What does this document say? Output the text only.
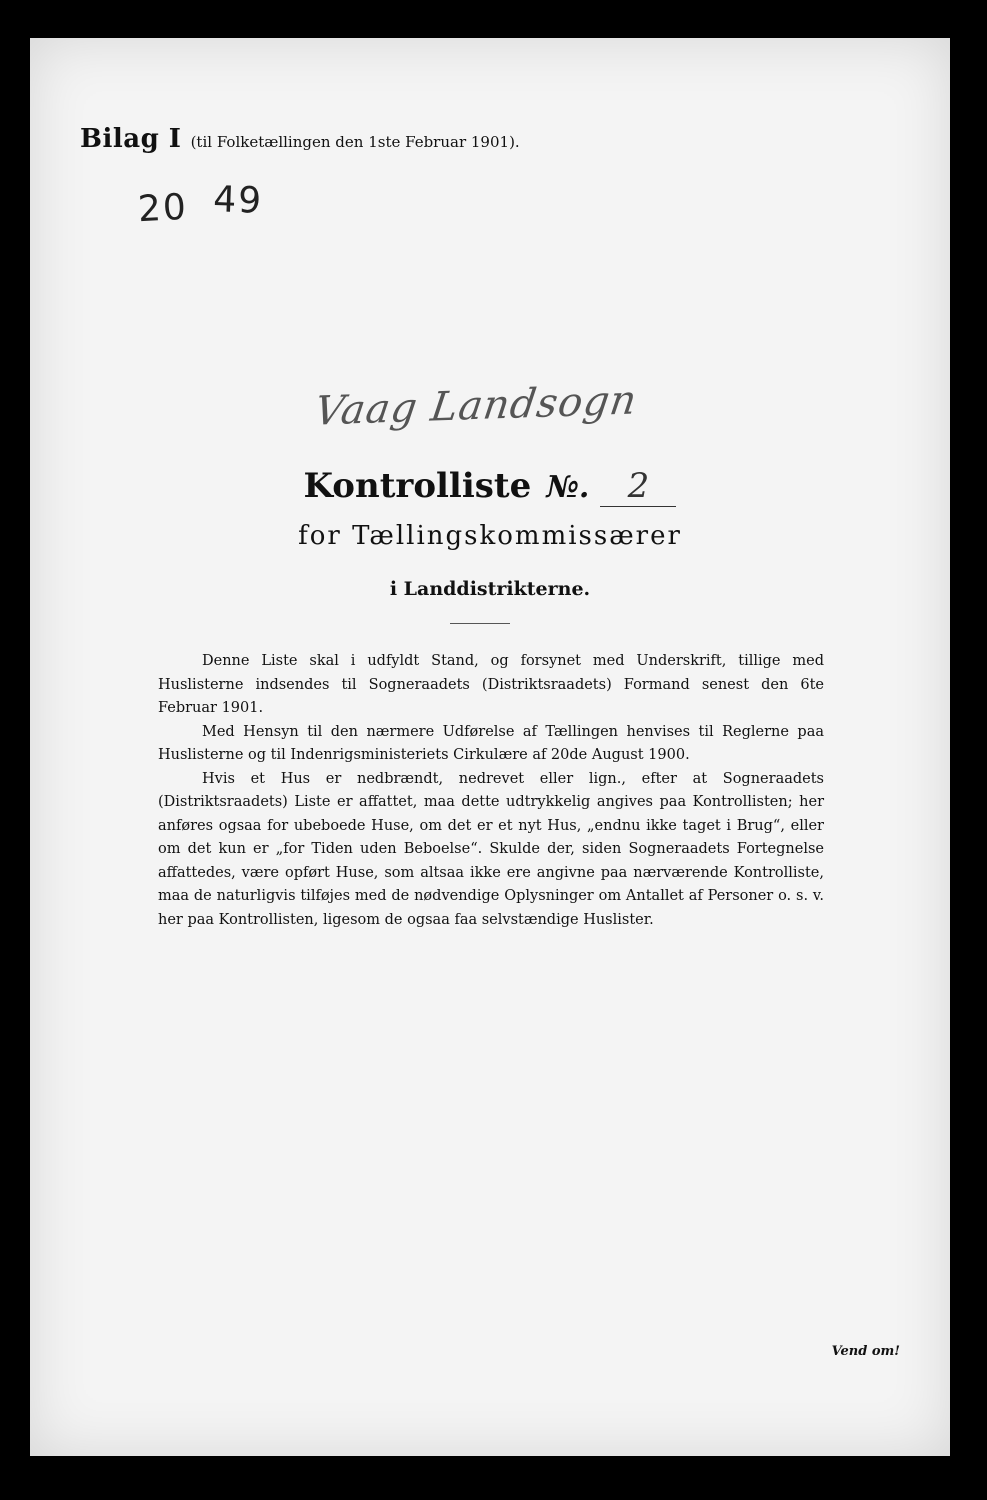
Bilag I (til Folketællingen den 1ste Februar 1901).
20 49
Vaag Landsogn
Kontrolliste №. 2
for Tællingskommissærer
i Landdistrikterne.

Denne Liste skal i udfyldt Stand, og forsynet med Underskrift, tillige med Huslisterne indsendes til Sogneraadets (Distriktsraadets) Formand senest den 6te Februar 1901.

Med Hensyn til den nærmere Udførelse af Tællingen henvises til Reglerne paa Huslisterne og til Indenrigsministeriets Cirkulære af 20de August 1900.

Hvis et Hus er nedbrændt, nedrevet eller lign., efter at Sogneraadets (Distriktsraadets) Liste er affattet, maa dette udtrykkelig angives paa Kontrollisten; her anføres ogsaa for ubeboede Huse, om det er et nyt Hus, „endnu ikke taget i Brug“, eller om det kun er „for Tiden uden Beboelse“. Skulde der, siden Sogneraadets Fortegnelse affattedes, være opført Huse, som altsaa ikke ere angivne paa nærværende Kontrolliste, maa de naturligvis tilføjes med de nødvendige Oplysninger om Antallet af Personer o. s. v. her paa Kontrollisten, ligesom de ogsaa faa selvstændige Huslister.

Vend om!
